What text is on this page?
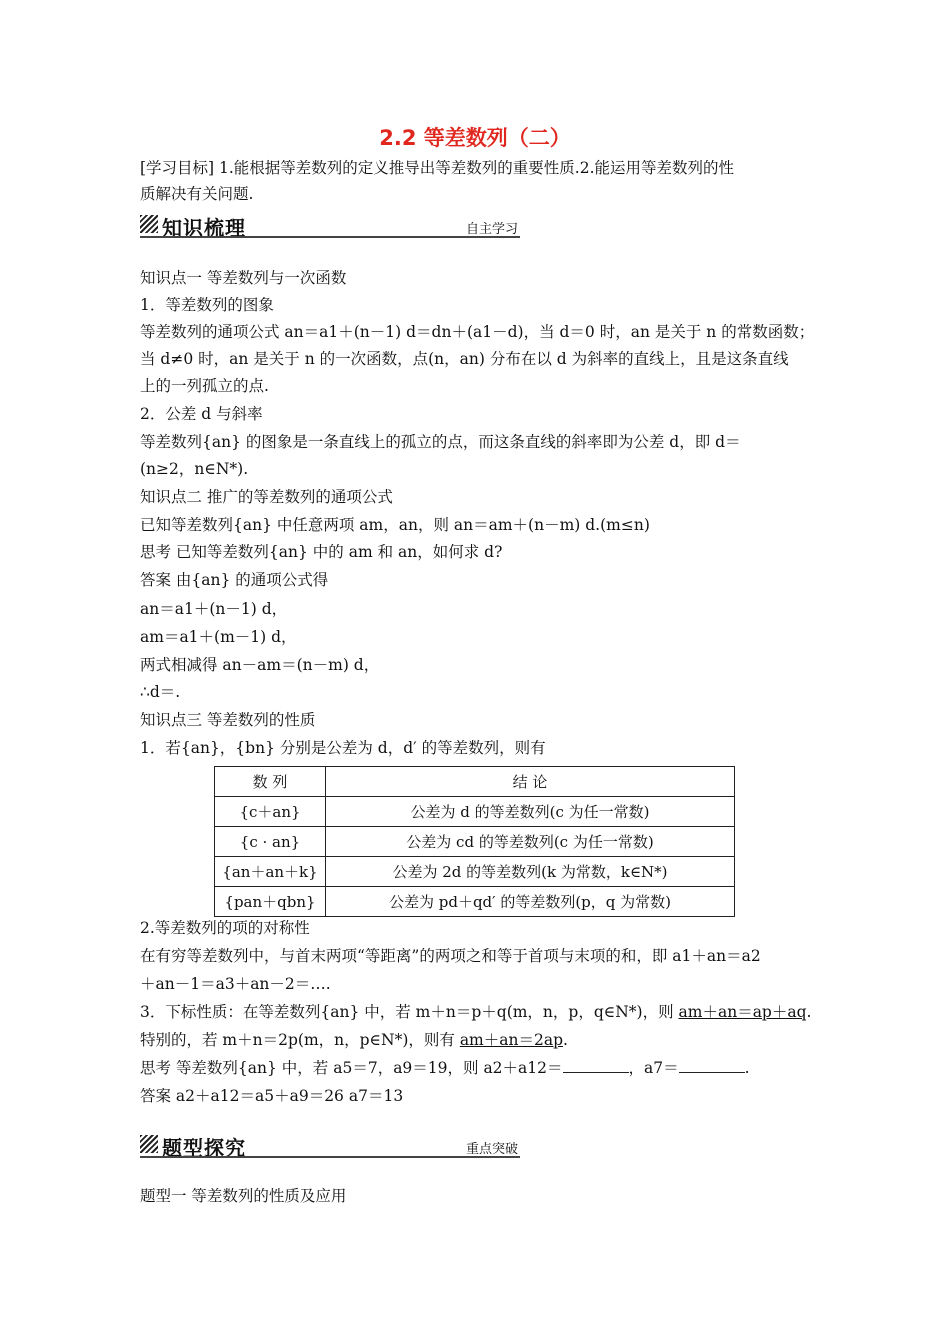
2.2 等差数列（二）
[学习目标] 1.能根据等差数列的定义推导出等差数列的重要性质.2.能运用等差数列的性
质解决有关问题.
知识梳理	自主学习
知识点一 等差数列与一次函数
1．等差数列的图象
等差数列的通项公式 an＝a1＋(n－1) d＝dn＋(a1－d)，当 d＝0 时，an 是关于 n 的常数函数；
当 d≠0 时，an 是关于 n 的一次函数，点(n，an) 分布在以 d 为斜率的直线上，且是这条直线
上的一列孤立的点.
2．公差 d 与斜率
等差数列{an} 的图象是一条直线上的孤立的点，而这条直线的斜率即为公差 d，即 d＝
(n≥2，n∈N*).
知识点二 推广的等差数列的通项公式
已知等差数列{an} 中任意两项 am，an，则 an＝am＋(n－m) d.(m≤n)
思考 已知等差数列{an} 中的 am 和 an，如何求 d?
答案 由{an} 的通项公式得
an＝a1＋(n－1) d，
am＝a1＋(m－1) d，
两式相减得 an－am＝(n－m) d，
∴d＝.
知识点三 等差数列的性质
1．若{an}，{bn} 分别是公差为 d，d′ 的等差数列，则有
数 列	结 论
{c＋an}	公差为 d 的等差数列(c 为任一常数)
{c · an}	公差为 cd 的等差数列(c 为任一常数)
{an＋an＋k}	公差为 2d 的等差数列(k 为常数，k∈N*)
{pan＋qbn}	公差为 pd＋qd′ 的等差数列(p，q 为常数)
2.等差数列的项的对称性
在有穷等差数列中，与首末两项“等距离”的两项之和等于首项与末项的和，即 a1＋an＝a2
＋an－1＝a3＋an－2＝….
3．下标性质：在等差数列{an} 中，若 m＋n＝p＋q(m，n，p，q∈N*)，则 am＋an＝ap＋aq.
特别的，若 m＋n＝2p(m，n，p∈N*)，则有 am＋an＝2ap.
思考 等差数列{an} 中，若 a5＝7，a9＝19，则 a2＋a12＝	，a7＝	.
答案 a2＋a12＝a5＋a9＝26 a7＝13
题型探究	重点突破
题型一 等差数列的性质及应用
